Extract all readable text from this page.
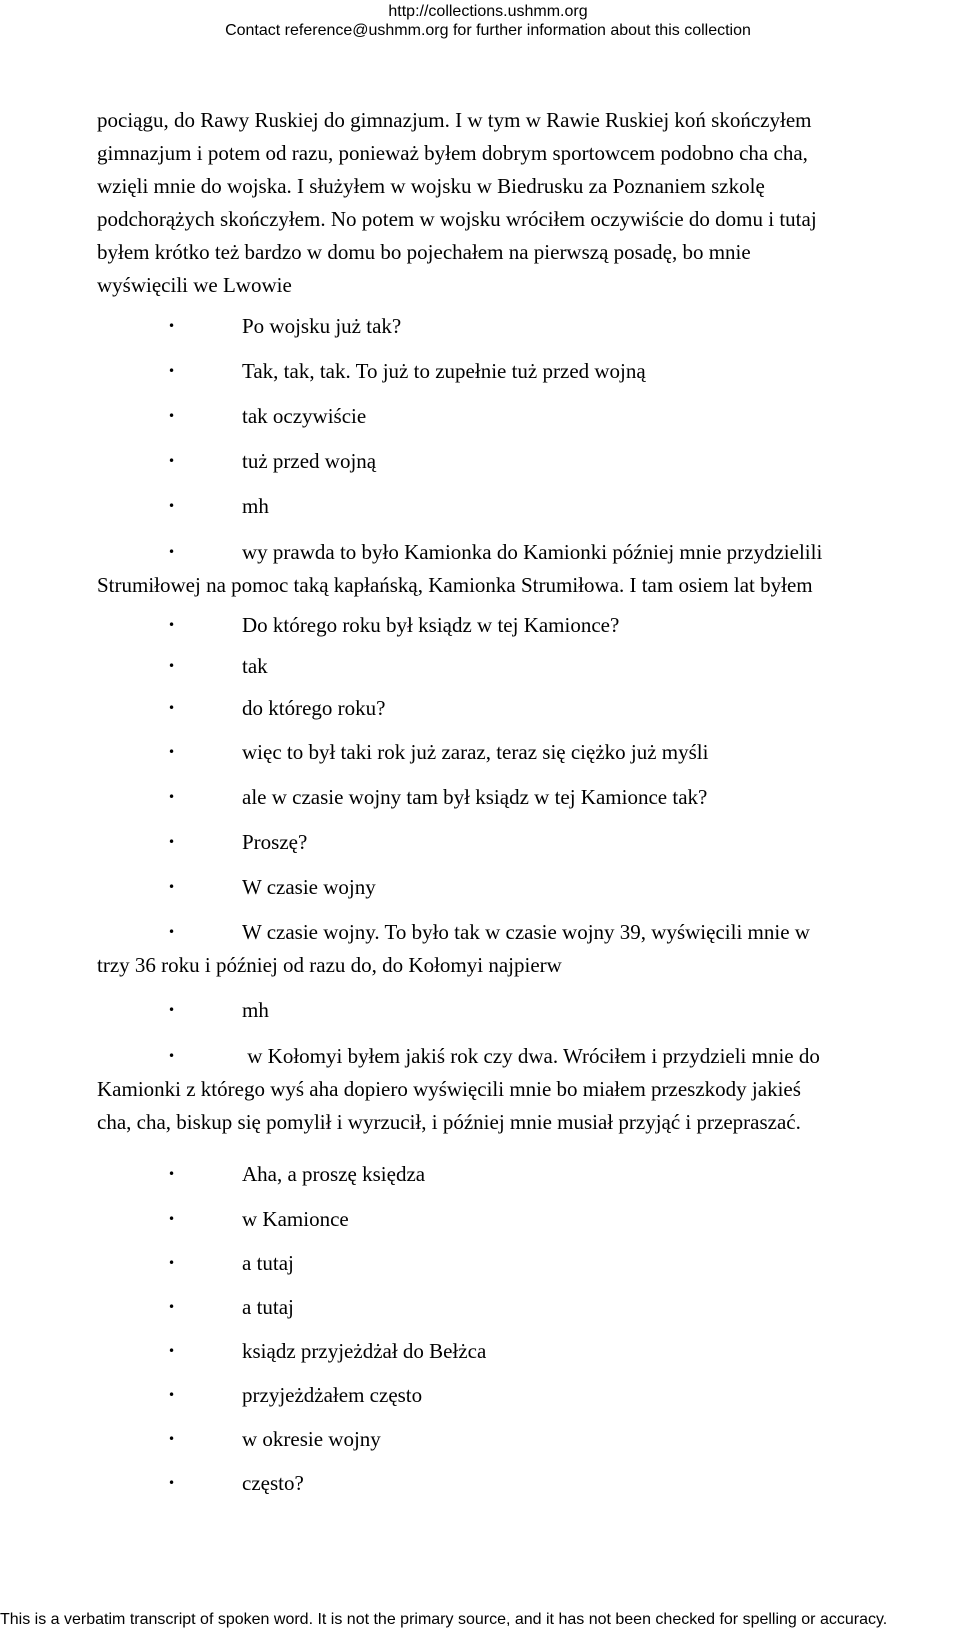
http://collections.ushmm.org
Contact reference@ushmm.org for further information about this collection
pociągu, do Rawy Ruskiej do gimnazjum. I w tym w Rawie Ruskiej koń skończyłem
gimnazjum i potem od razu, ponieważ byłem dobrym sportowcem podobno cha cha,
wzięli mnie do wojska. I służyłem w wojsku w Biedrusku za Poznaniem szkolę
podchorążych skończyłem. No potem w wojsku wróciłem oczywiście do domu i tutaj
byłem krótko też bardzo w domu bo pojechałem na pierwszą posadę, bo mnie
wyświęcili we Lwowie
•	Po wojsku już tak?
•	Tak, tak, tak. To już to zupełnie tuż przed wojną
•	tak oczywiście
•	tuż przed wojną
•	mh
•	wy prawda to było Kamionka do Kamionki później mnie przydzielili
Strumiłowej na pomoc taką kapłańską, Kamionka Strumiłowa. I tam osiem lat byłem
•	Do którego roku był ksiądz w tej Kamionce?
•	tak
•	do którego roku?
•	więc to był taki rok już zaraz, teraz się ciężko już myśli
•	ale w czasie wojny tam był ksiądz w tej Kamionce tak?
•	Proszę?
•	W czasie wojny
•	W czasie wojny. To było tak w czasie wojny 39, wyświęcili mnie w
trzy 36 roku i później od razu do, do Kołomyi najpierw
•	mh
•	w Kołomyi byłem jakiś rok czy dwa. Wróciłem i przydzieli mnie do
Kamionki z którego wyś aha dopiero wyświęcili mnie bo miałem przeszkody jakieś
cha, cha, biskup się pomylił i wyrzucił, i później mnie musiał przyjąć i przepraszać.
•	Aha, a proszę księdza
•	w Kamionce
•	a tutaj
•	a tutaj
•	ksiądz przyjeżdżał do Bełżca
•	przyjeżdżałem często
•	w okresie wojny
•	często?
This is a verbatim transcript of spoken word. It is not the primary source, and it has not been checked for spelling or accuracy.
